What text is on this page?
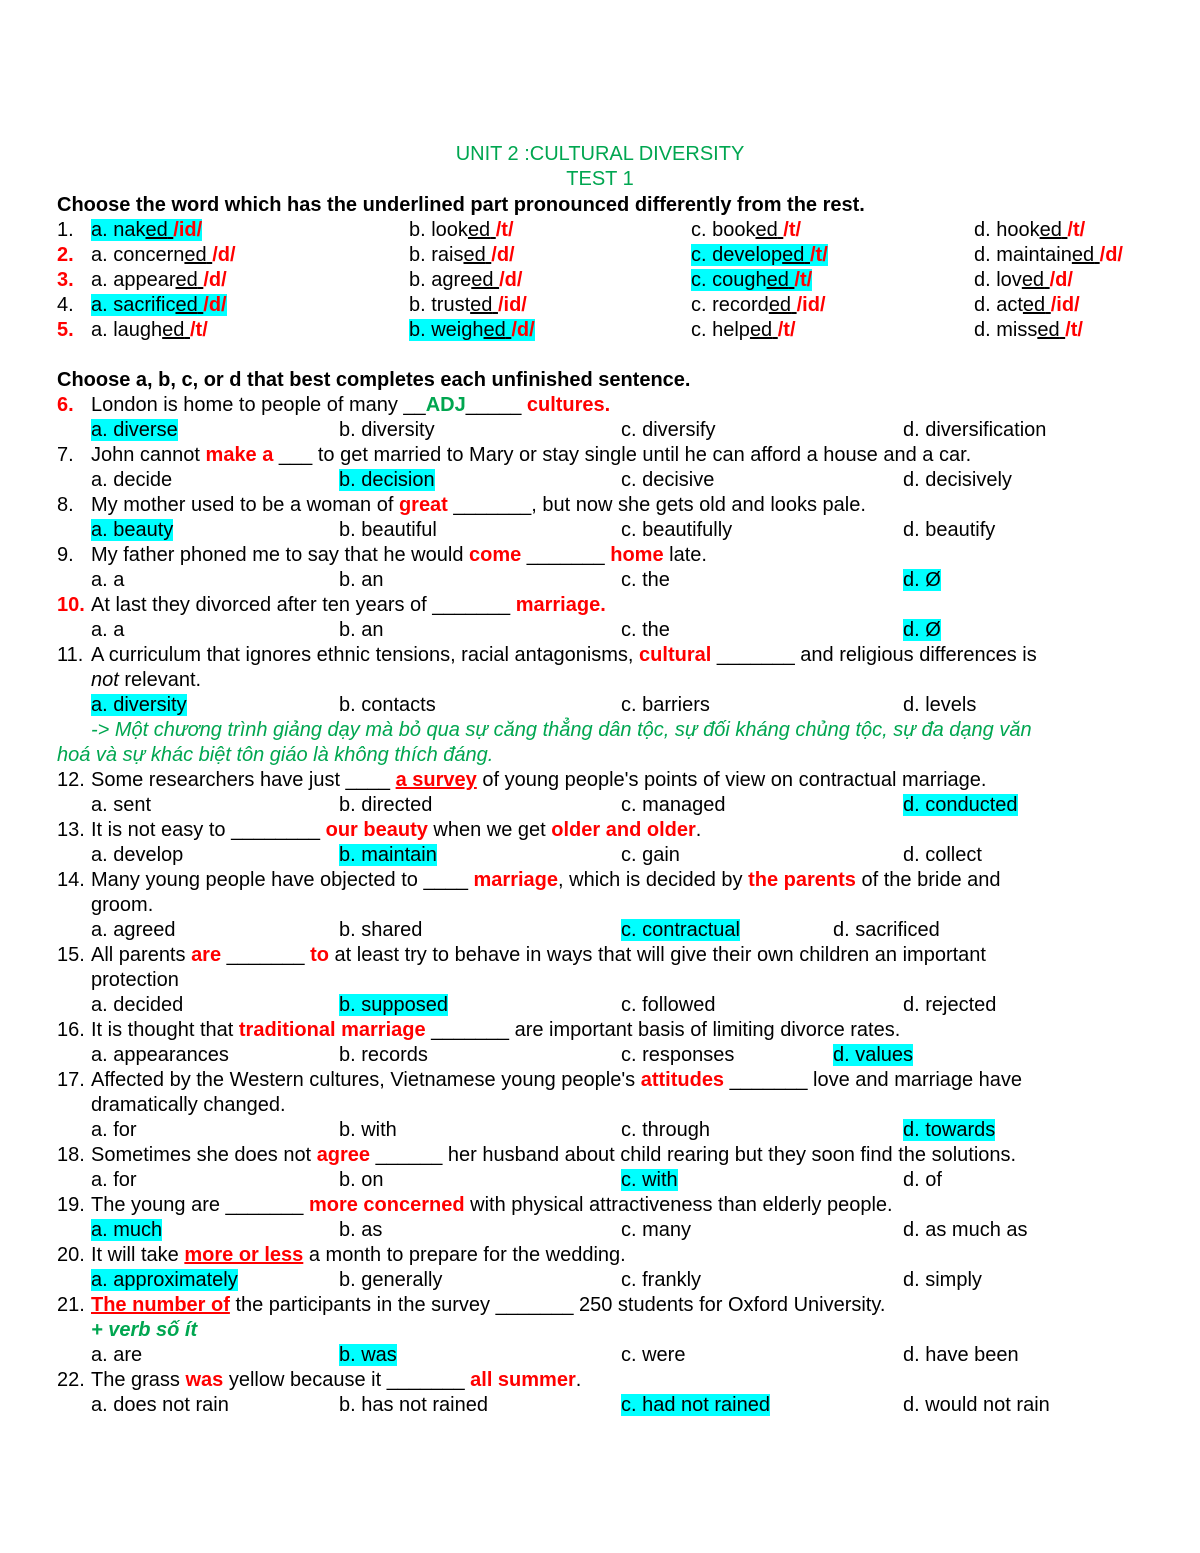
UNIT 2 :CULTURAL DIVERSITY
TEST 1
Choose the word which has the underlined part pronounced differently from the rest.
1. a. naked /id/	b. looked /t/	c. booked /t/	d. hooked /t/
2. a. concerned /d/	b. raised /d/	c. developed /t/	d. maintained /d/
3. a. appeared /d/	b. agreed /d/	c. coughed /t/	d. loved /d/
4. a. sacrificed /d/	b. trusted /id/	c. recorded /id/	d. acted /id/
5. a. laughed /t/	b. weighed /d/	c. helped /t/	d. missed /t/
Choose a, b, c, or d that best completes each unfinished sentence.
6. London is home to people of many __ADJ_____ cultures.
a. diverse	b. diversity	c. diversify	d. diversification
7. John cannot make a ___ to get married to Mary or stay single until he can afford a house and a car.
a. decide	b. decision	c. decisive	d. decisively
8. My mother used to be a woman of great _______, but now she gets old and looks pale.
a. beauty	b. beautiful	c. beautifully	d. beautify
9. My father phoned me to say that he would come _______ home late.
a. a	b. an	c. the	d. Ø
10. At last they divorced after ten years of _______ marriage.
a. a	b. an	c. the	d. Ø
11. A curriculum that ignores ethnic tensions, racial antagonisms, cultural _______ and religious differences is
not relevant.
a. diversity	b. contacts	c. barriers	d. levels
-> Một chương trình giảng dạy mà bỏ qua sự căng thẳng dân tộc, sự đối kháng chủng tộc, sự đa dạng văn
hoá và sự khác biệt tôn giáo là không thích đáng.
12. Some researchers have just ____ a survey of young people's points of view on contractual marriage.
a. sent	b. directed	c. managed	d. conducted
13. It is not easy to ________ our beauty when we get older and older.
a. develop	b. maintain	c. gain	d. collect
14. Many young people have objected to ____ marriage, which is decided by the parents of the bride and
groom.
a. agreed	b. shared	c. contractual	d. sacrificed
15. All parents are _______ to at least try to behave in ways that will give their own children an important
protection
a. decided	b. supposed	c. followed	d. rejected
16. It is thought that traditional marriage _______ are important basis of limiting divorce rates.
a. appearances	b. records	c. responses	d. values
17. Affected by the Western cultures, Vietnamese young people's attitudes _______ love and marriage have
dramatically changed.
a. for	b. with	c. through	d. towards
18. Sometimes she does not agree ______ her husband about child rearing but they soon find the solutions.
a. for	b. on	c. with	d. of
19. The young are _______ more concerned with physical attractiveness than elderly people.
a. much	b. as	c. many	d. as much as
20. It will take more or less a month to prepare for the wedding.
a. approximately	b. generally	c. frankly	d. simply
21. The number of the participants in the survey _______ 250 students for Oxford University.
+ verb số ít
a. are	b. was	c. were	d. have been
22. The grass was yellow because it _______ all summer.
a. does not rain	b. has not rained	c. had not rained	d. would not rain
